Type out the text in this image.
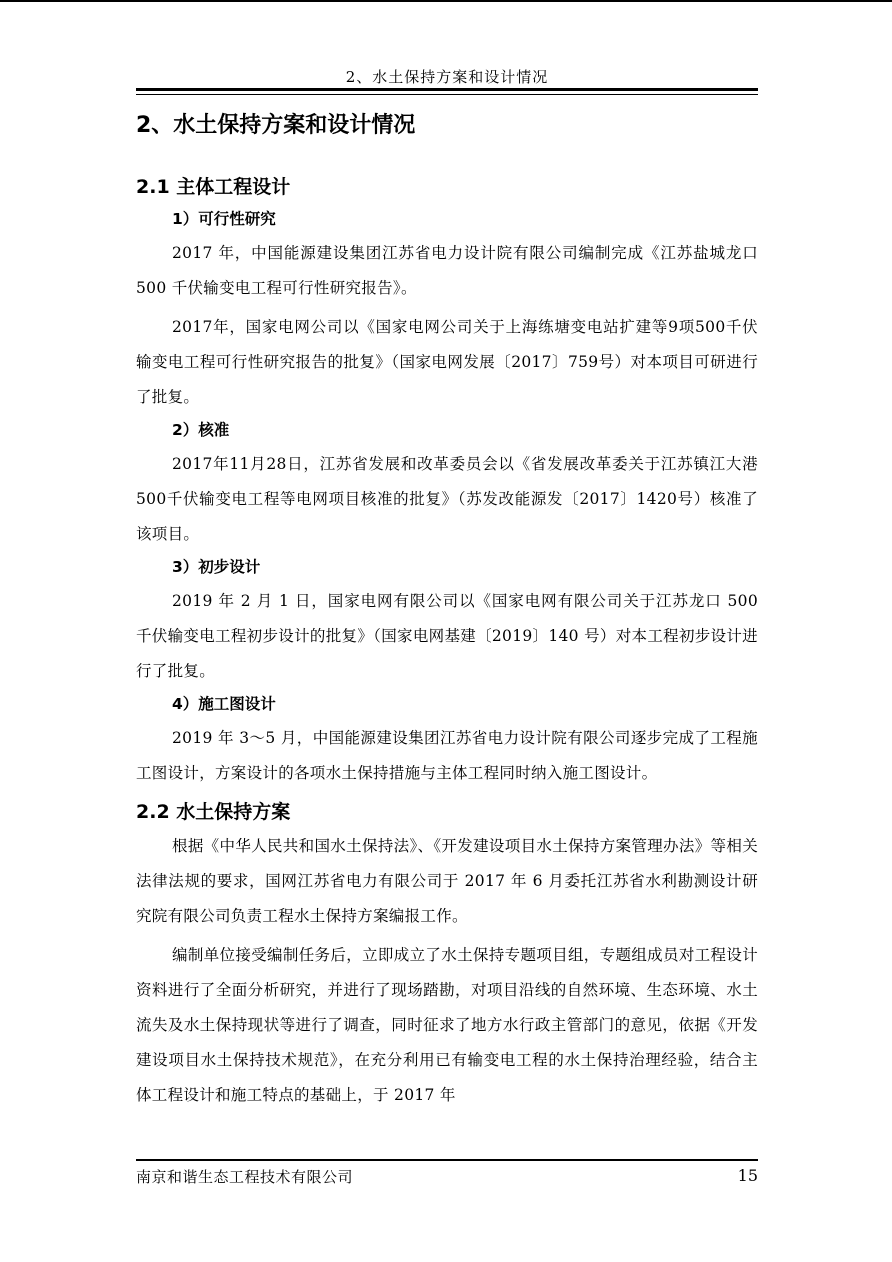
2、水土保持方案和设计情况
2、水土保持方案和设计情况
2.1 主体工程设计
1）可行性研究

2017 年，中国能源建设集团江苏省电力设计院有限公司编制完成《江苏盐城龙口 500 千伏输变电工程可行性研究报告》。

2017年，国家电网公司以《国家电网公司关于上海练塘变电站扩建等9项500千伏输变电工程可行性研究报告的批复》（国家电网发展〔2017〕759号）对本项目可研进行了批复。

2）核准

2017年11月28日，江苏省发展和改革委员会以《省发展改革委关于江苏镇江大港500千伏输变电工程等电网项目核准的批复》（苏发改能源发〔2017〕1420号）核准了该项目。

3）初步设计

2019 年 2 月 1 日，国家电网有限公司以《国家电网有限公司关于江苏龙口 500 千伏输变电工程初步设计的批复》（国家电网基建〔2019〕140 号）对本工程初步设计进行了批复。

4）施工图设计

2019 年 3～5 月，中国能源建设集团江苏省电力设计院有限公司逐步完成了工程施工图设计，方案设计的各项水土保持措施与主体工程同时纳入施工图设计。

2.2 水土保持方案

根据《中华人民共和国水土保持法》、《开发建设项目水土保持方案管理办法》等相关法律法规的要求，国网江苏省电力有限公司于 2017 年 6 月委托江苏省水利勘测设计研究院有限公司负责工程水土保持方案编报工作。

编制单位接受编制任务后，立即成立了水土保持专题项目组，专题组成员对工程设计资料进行了全面分析研究，并进行了现场踏勘，对项目沿线的自然环境、生态环境、水土流失及水土保持现状等进行了调查，同时征求了地方水行政主管部门的意见，依据《开发建设项目水土保持技术规范》，在充分利用已有输变电工程的水土保持治理经验，结合主体工程设计和施工特点的基础上，于 2017 年

南京和谐生态工程技术有限公司	15
